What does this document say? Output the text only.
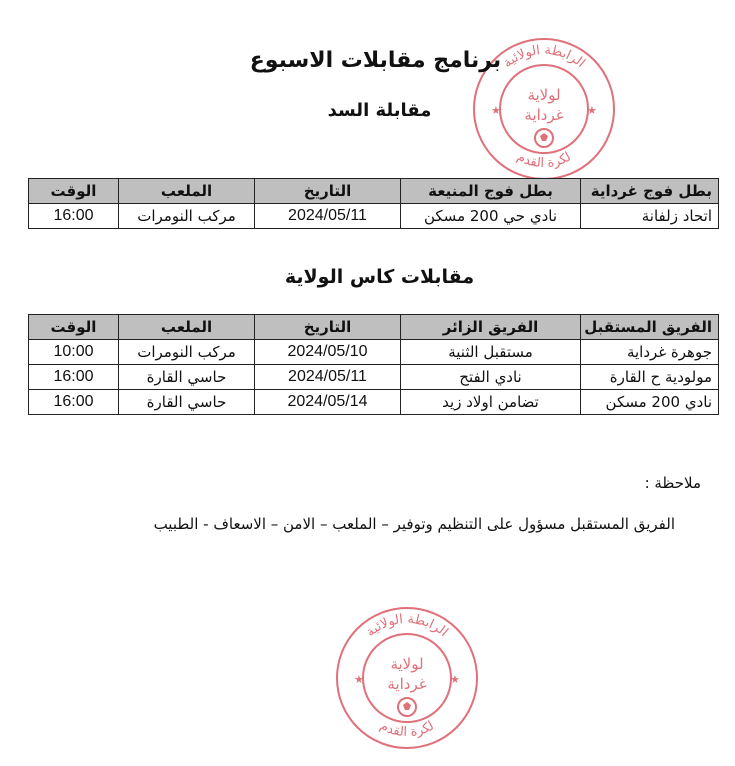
الرابطة الولائية
لكرة القدم
لولاية
غرداية
★	★
برنامج مقابلات الاسبوع
مقابلة السد
بطل فوج غرداية	بطل فوج المنيعة	التاريخ	الملعب	الوقت
اتحاد زلفانة	نادي حي 200 مسكن	2024/05/11	مركب النومرات	16:00
مقابلات كاس الولاية
الفريق المستقبل	الفريق الزائر	التاريخ	الملعب	الوقت
جوهرة غرداية	مستقبل الثنية	2024/05/10	مركب النومرات	10:00
مولودية ح القارة	نادي الفتح	2024/05/11	حاسي القارة	16:00
نادي 200 مسكن	تضامن اولاد زيد	2024/05/14	حاسي القارة	16:00
ملاحظة :
الفريق المستقبل مسؤول على التنظيم وتوفير – الملعب – الامن – الاسعاف - الطبيب
الرابطة الولائية
لكرة القدم
لولاية
غرداية
★	★
